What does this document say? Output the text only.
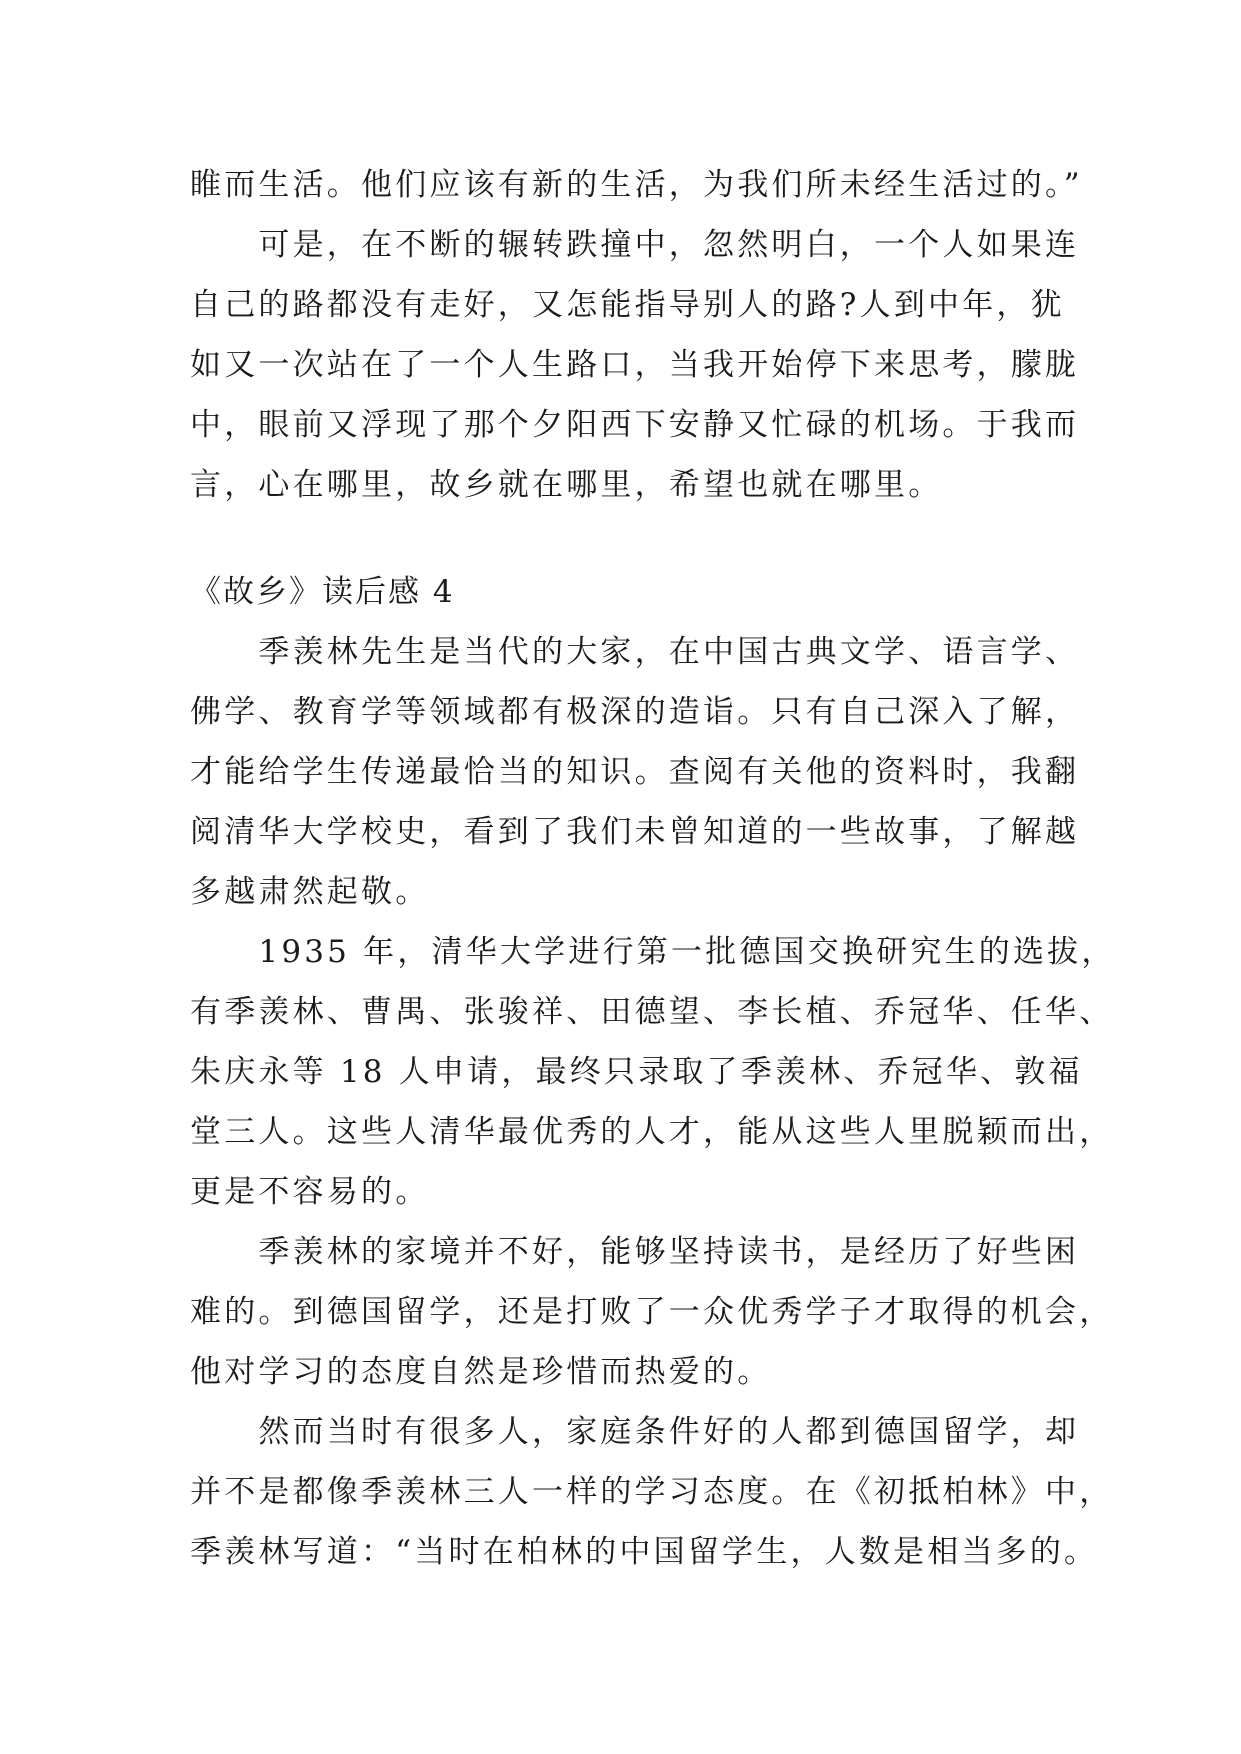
睢而生活。他们应该有新的生活，为我们所未经生活过的。”
　　可是，在不断的辗转跌撞中，忽然明白，一个人如果连
自己的路都没有走好，又怎能指导别人的路?人到中年，犹
如又一次站在了一个人生路口，当我开始停下来思考，朦胧
中，眼前又浮现了那个夕阳西下安静又忙碌的机场。于我而
言，心在哪里，故乡就在哪里，希望也就在哪里。
《故乡》读后感 4
　　季羡林先生是当代的大家，在中国古典文学、语言学、
佛学、教育学等领域都有极深的造诣。只有自己深入了解，
才能给学生传递最恰当的知识。查阅有关他的资料时，我翻
阅清华大学校史，看到了我们未曾知道的一些故事，了解越
多越肃然起敬。
　　1935 年，清华大学进行第一批德国交换研究生的选拔，
有季羡林、曹禺、张骏祥、田德望、李长植、乔冠华、任华、
朱庆永等 18 人申请，最终只录取了季羡林、乔冠华、敦福
堂三人。这些人清华最优秀的人才，能从这些人里脱颖而出，
更是不容易的。
　　季羡林的家境并不好，能够坚持读书，是经历了好些困
难的。到德国留学，还是打败了一众优秀学子才取得的机会，
他对学习的态度自然是珍惜而热爱的。
　　然而当时有很多人，家庭条件好的人都到德国留学，却
并不是都像季羡林三人一样的学习态度。在《初抵柏林》中，
季羡林写道：“当时在柏林的中国留学生，人数是相当多的。
